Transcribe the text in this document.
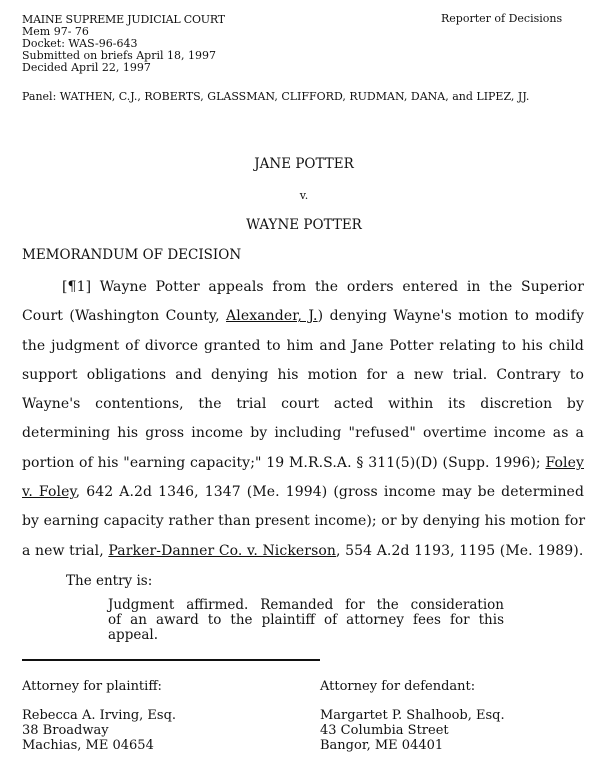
MAINE SUPREME JUDICIAL COURT
Mem 97- 76
Docket: WAS-96-643
Submitted on briefs April 18, 1997
Decided April 22, 1997
Reporter of Decisions
Panel: WATHEN, C.J., ROBERTS, GLASSMAN, CLIFFORD, RUDMAN, DANA, and LIPEZ, JJ.
JANE POTTER
v.
WAYNE POTTER
MEMORANDUM OF DECISION
[¶1] Wayne Potter appeals from the orders entered in the Superior
Court (Washington County, Alexander, J.) denying Wayne's motion to modify
the judgment of divorce granted to him and Jane Potter relating to his child
support obligations and denying his motion for a new trial. Contrary to
Wayne's contentions, the trial court acted within its discretion by
determining his gross income by including "refused" overtime income as a
portion of his "earning capacity;" 19 M.R.S.A. § 311(5)(D) (Supp. 1996); Foley
v. Foley, 642 A.2d 1346, 1347 (Me. 1994) (gross income may be determined
by earning capacity rather than present income); or by denying his motion for
a new trial, Parker-Danner Co. v. Nickerson, 554 A.2d 1193, 1195 (Me. 1989).
The entry is:
Judgment affirmed. Remanded for the consideration
of an award to the plaintiff of attorney fees for this
appeal.
Attorney for plaintiff:
Rebecca A. Irving, Esq.
38 Broadway
Machias, ME 04654
Attorney for defendant:
Margartet P. Shalhoob, Esq.
43 Columbia Street
Bangor, ME 04401
